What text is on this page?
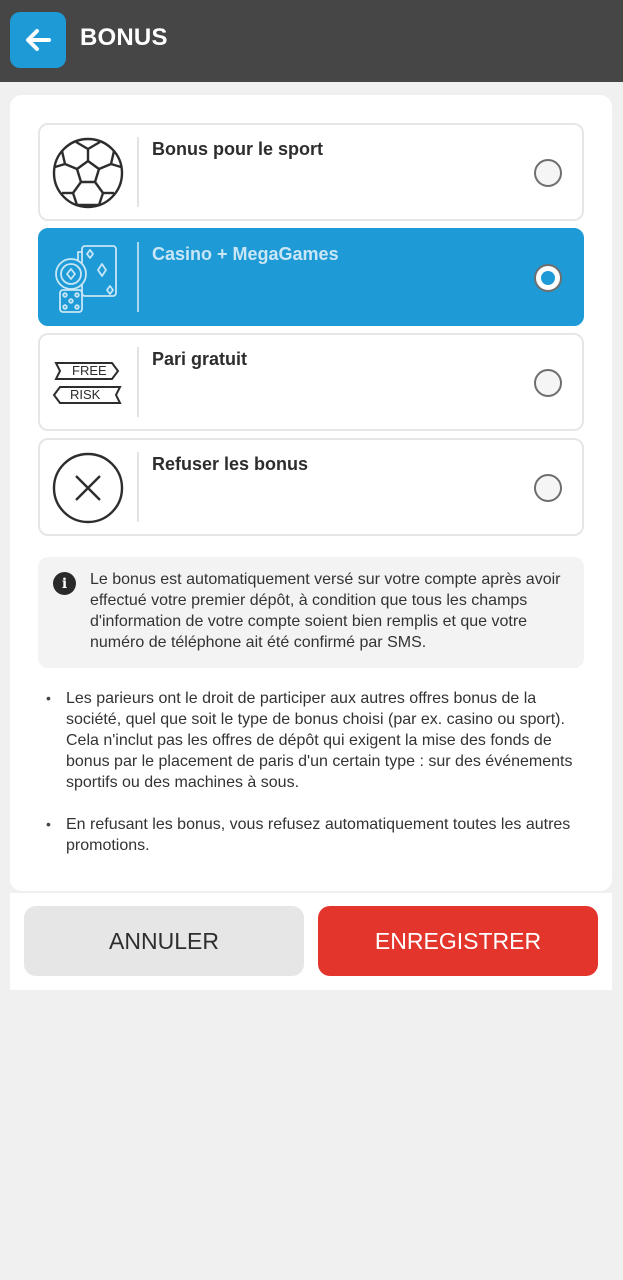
BONUS
Bonus pour le sport
Casino + MegaGames
FREE
RISK
Pari gratuit
Refuser les bonus
i	Le bonus est automatiquement versé sur votre compte après avoir effectué votre premier dépôt, à condition que tous les champs d'information de votre compte soient bien remplis et que votre numéro de téléphone ait été confirmé par SMS.
• Les parieurs ont le droit de participer aux autres offres bonus de la société, quel que soit le type de bonus choisi (par ex. casino ou sport). Cela n'inclut pas les offres de dépôt qui exigent la mise des fonds de bonus par le placement de paris d'un certain type : sur des événements sportifs ou des machines à sous.
• En refusant les bonus, vous refusez automatiquement toutes les autres promotions.
ANNULER	ENREGISTRER
